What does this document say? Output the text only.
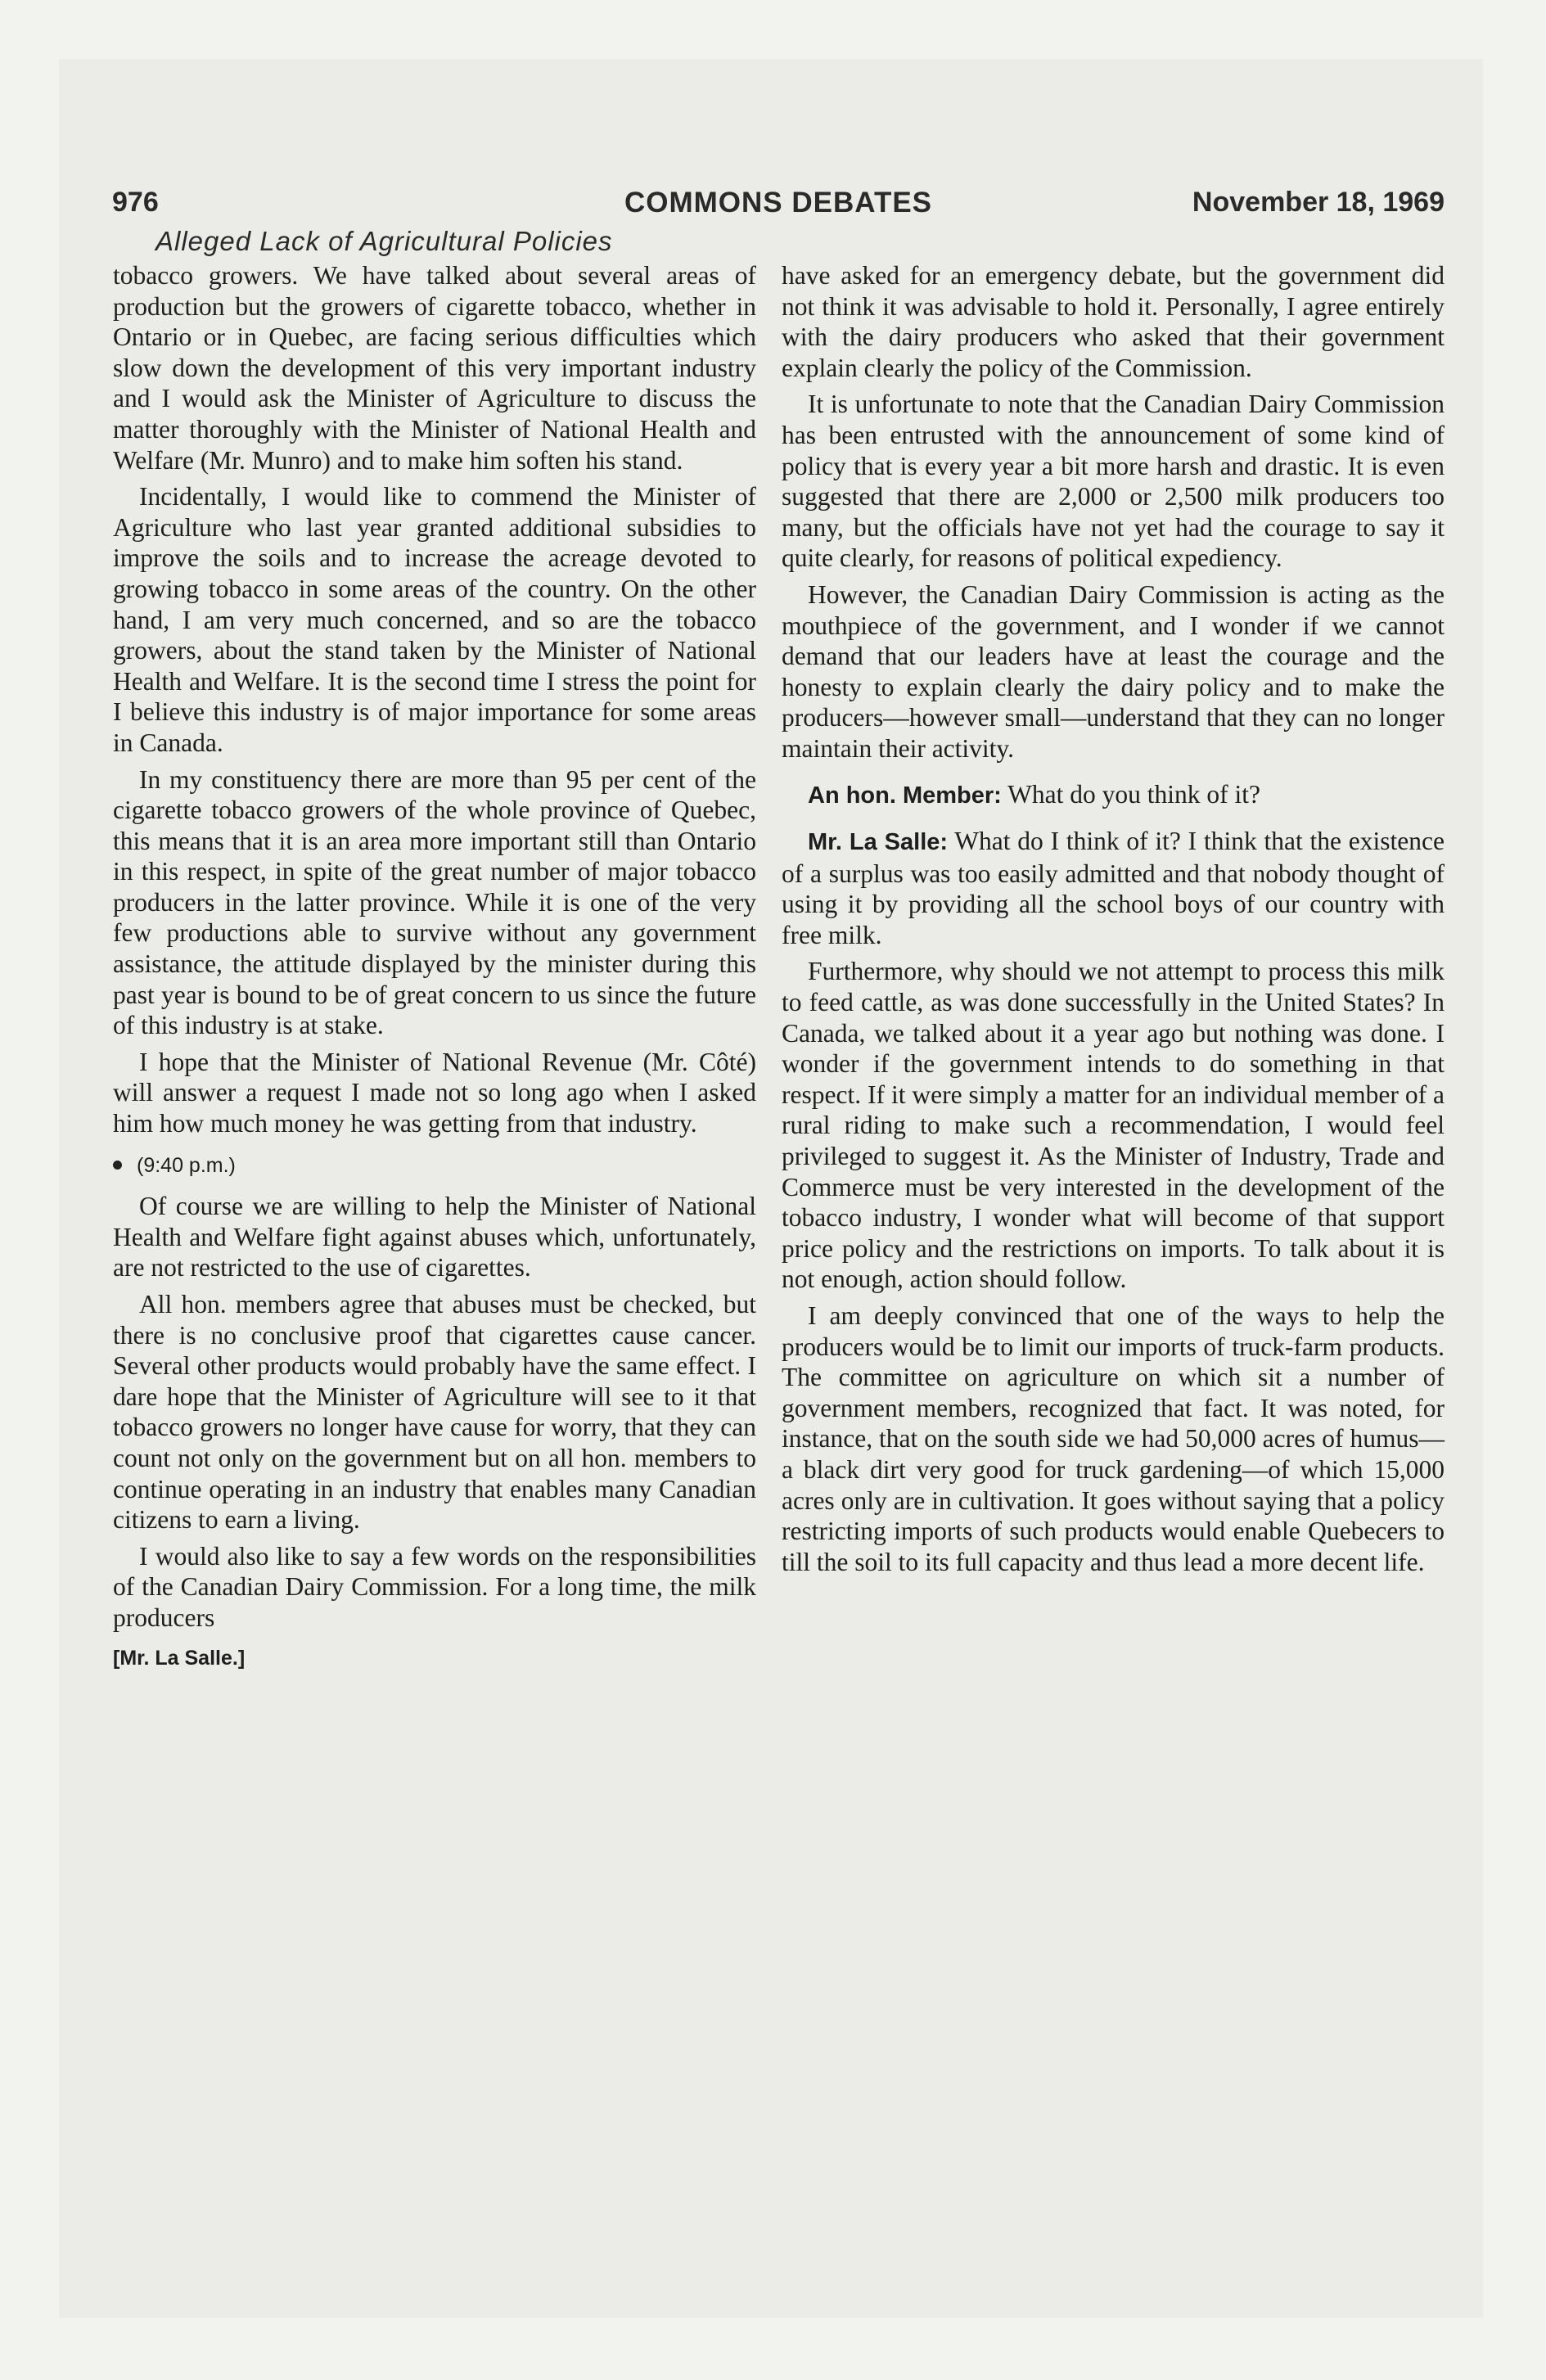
976	COMMONS DEBATES	November 18, 1969
Alleged Lack of Agricultural Policies

tobacco growers. We have talked about several areas of production but the growers of cigarette tobacco, whether in Ontario or in Quebec, are facing serious difficulties which slow down the development of this very important industry and I would ask the Minister of Agriculture to discuss the matter thoroughly with the Minister of National Health and Welfare (Mr. Munro) and to make him soften his stand.

Incidentally, I would like to commend the Minister of Agriculture who last year granted additional subsidies to improve the soils and to increase the acreage devoted to growing tobacco in some areas of the country. On the other hand, I am very much concerned, and so are the tobacco growers, about the stand taken by the Minister of National Health and Welfare. It is the second time I stress the point for I believe this industry is of major importance for some areas in Canada.

In my constituency there are more than 95 per cent of the cigarette tobacco growers of the whole province of Quebec, this means that it is an area more important still than Ontario in this respect, in spite of the great number of major tobacco producers in the latter province. While it is one of the very few productions able to survive without any government assistance, the attitude displayed by the minister during this past year is bound to be of great concern to us since the future of this industry is at stake.

I hope that the Minister of National Revenue (Mr. Côté) will answer a request I made not so long ago when I asked him how much money he was getting from that industry.

(9:40 p.m.)

Of course we are willing to help the Minister of National Health and Welfare fight against abuses which, unfortunately, are not restricted to the use of cigarettes.

All hon. members agree that abuses must be checked, but there is no conclusive proof that cigarettes cause cancer. Several other products would probably have the same effect. I dare hope that the Minister of Agriculture will see to it that tobacco growers no longer have cause for worry, that they can count not only on the government but on all hon. members to continue operating in an industry that enables many Canadian citizens to earn a living.

I would also like to say a few words on the responsibilities of the Canadian Dairy Commission. For a long time, the milk producers

[Mr. La Salle.]

have asked for an emergency debate, but the government did not think it was advisable to hold it. Personally, I agree entirely with the dairy producers who asked that their government explain clearly the policy of the Commission.

It is unfortunate to note that the Canadian Dairy Commission has been entrusted with the announcement of some kind of policy that is every year a bit more harsh and drastic. It is even suggested that there are 2,000 or 2,500 milk producers too many, but the officials have not yet had the courage to say it quite clearly, for reasons of political expediency.

However, the Canadian Dairy Commission is acting as the mouthpiece of the government, and I wonder if we cannot demand that our leaders have at least the courage and the honesty to explain clearly the dairy policy and to make the producers—however small—understand that they can no longer maintain their activity.

An hon. Member: What do you think of it?

Mr. La Salle: What do I think of it? I think that the existence of a surplus was too easily admitted and that nobody thought of using it by providing all the school boys of our country with free milk.

Furthermore, why should we not attempt to process this milk to feed cattle, as was done successfully in the United States? In Canada, we talked about it a year ago but nothing was done. I wonder if the government intends to do something in that respect. If it were simply a matter for an individual member of a rural riding to make such a recommendation, I would feel privileged to suggest it. As the Minister of Industry, Trade and Commerce must be very interested in the development of the tobacco industry, I wonder what will become of that support price policy and the restrictions on imports. To talk about it is not enough, action should follow.

I am deeply convinced that one of the ways to help the producers would be to limit our imports of truck-farm products. The committee on agriculture on which sit a number of government members, recognized that fact. It was noted, for instance, that on the south side we had 50,000 acres of humus—a black dirt very good for truck gardening—of which 15,000 acres only are in cultivation. It goes without saying that a policy restricting imports of such products would enable Quebecers to till the soil to its full capacity and thus lead a more decent life.
